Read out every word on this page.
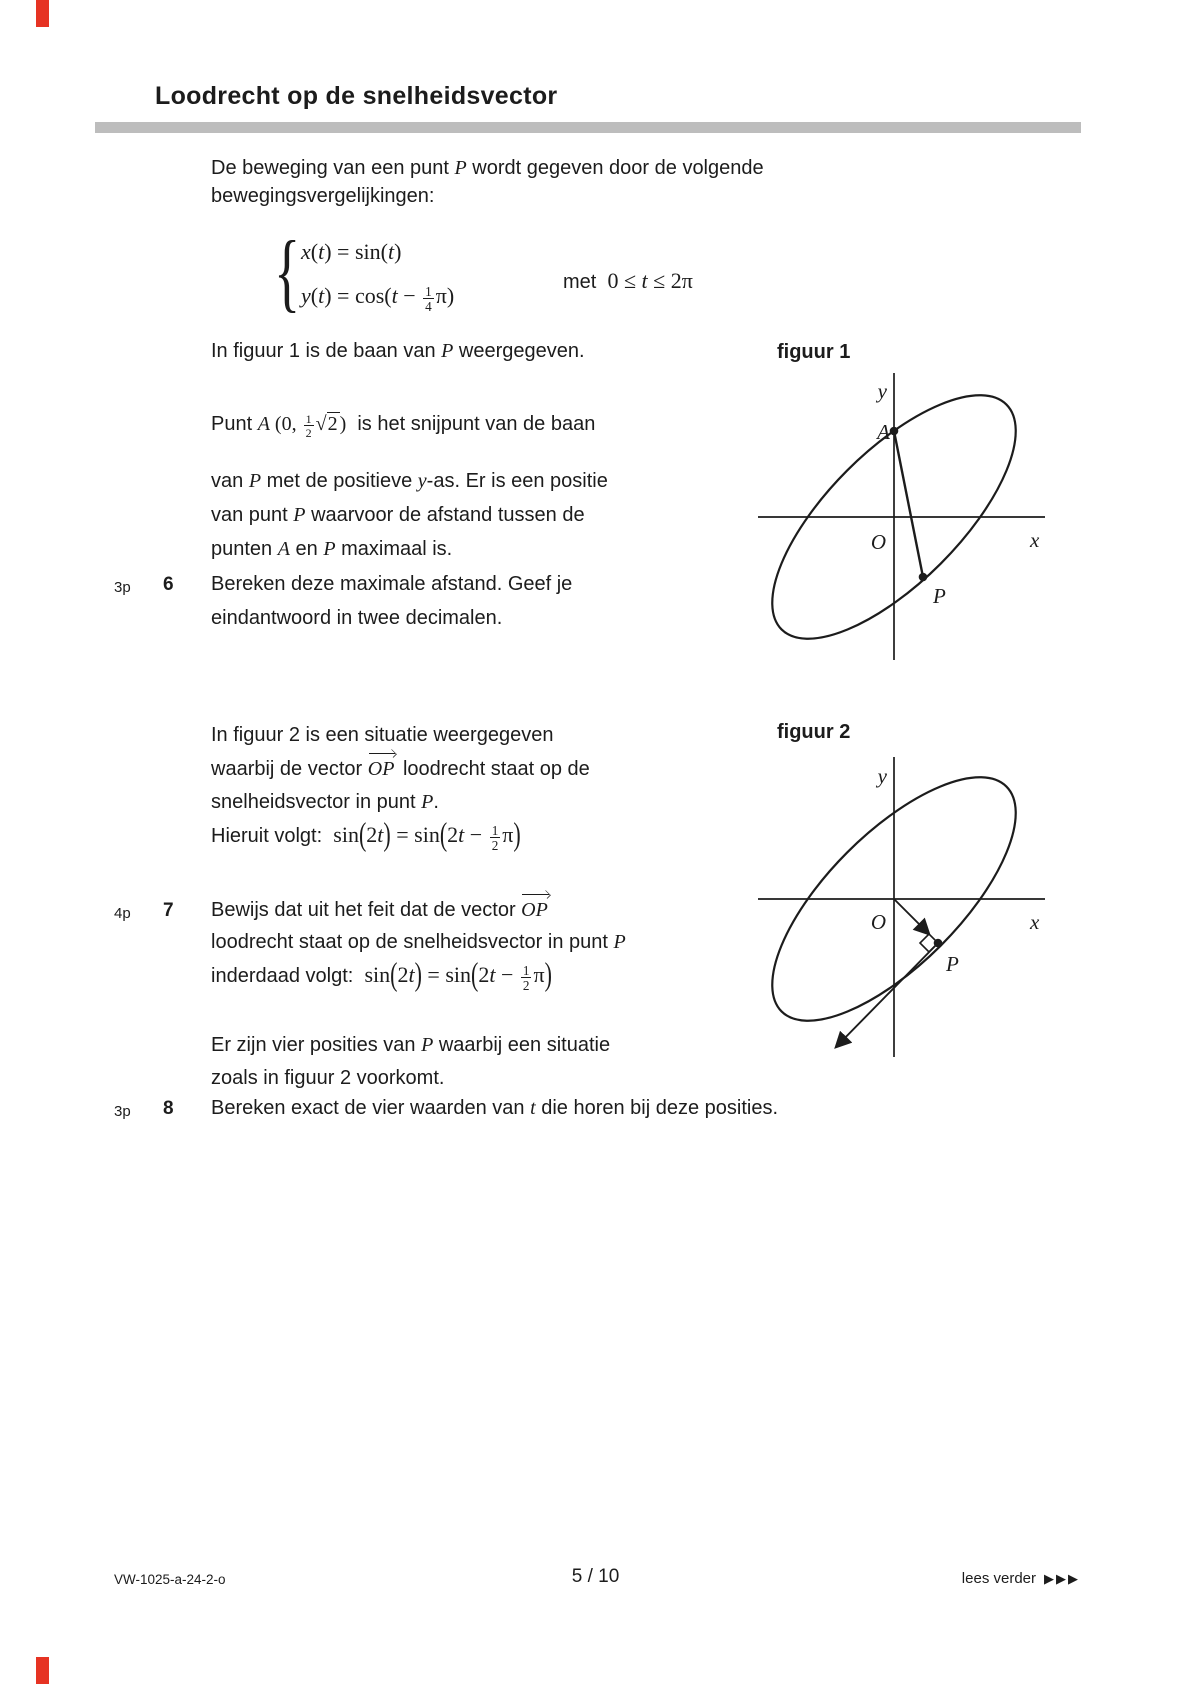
Loodrecht op de snelheidsvector
De beweging van een punt P wordt gegeven door de volgende
bewegingsvergelijkingen:
{ x(t) = sin(t)
$y(t) = \cos(t - \frac{1}{4} \pi)$
met  0 ≤ t ≤ 2π
In figuur 1 is de baan van P weergegeven.	figuur 1
Punt A (0, $\frac{1}{2} √2$ )  is het snijpunt van de baan
van P met de positieve y-as. Er is een positie
van punt P waarvoor de afstand tussen de
punten A en P maximaal is.
3p 6 Bereken deze maximale afstand. Geef je
eindantwoord in twee decimalen.
y
A
O	x
P
In figuur 2 is een situatie weergegeven
waarbij de vector OP loodrecht staat op de
snelheidsvector in punt P.
Hieruit volgt:  $\sin(2t) = \sin(2t - \frac{1}{2} \pi)$
figuur 2
4p 7 Bewijs dat uit het feit dat de vector OP
loodrecht staat op de snelheidsvector in punt P
inderdaad volgt:  $\sin(2t) = \sin(2t - \frac{1}{2} \pi)$
y
O	x
P
Er zijn vier posities van P waarbij een situatie
zoals in figuur 2 voorkomt.
3p 8 Bereken exact de vier waarden van t die horen bij deze posities.
VW-1025-a-24-2-o	5 / 10	lees verder ▶▶▶
